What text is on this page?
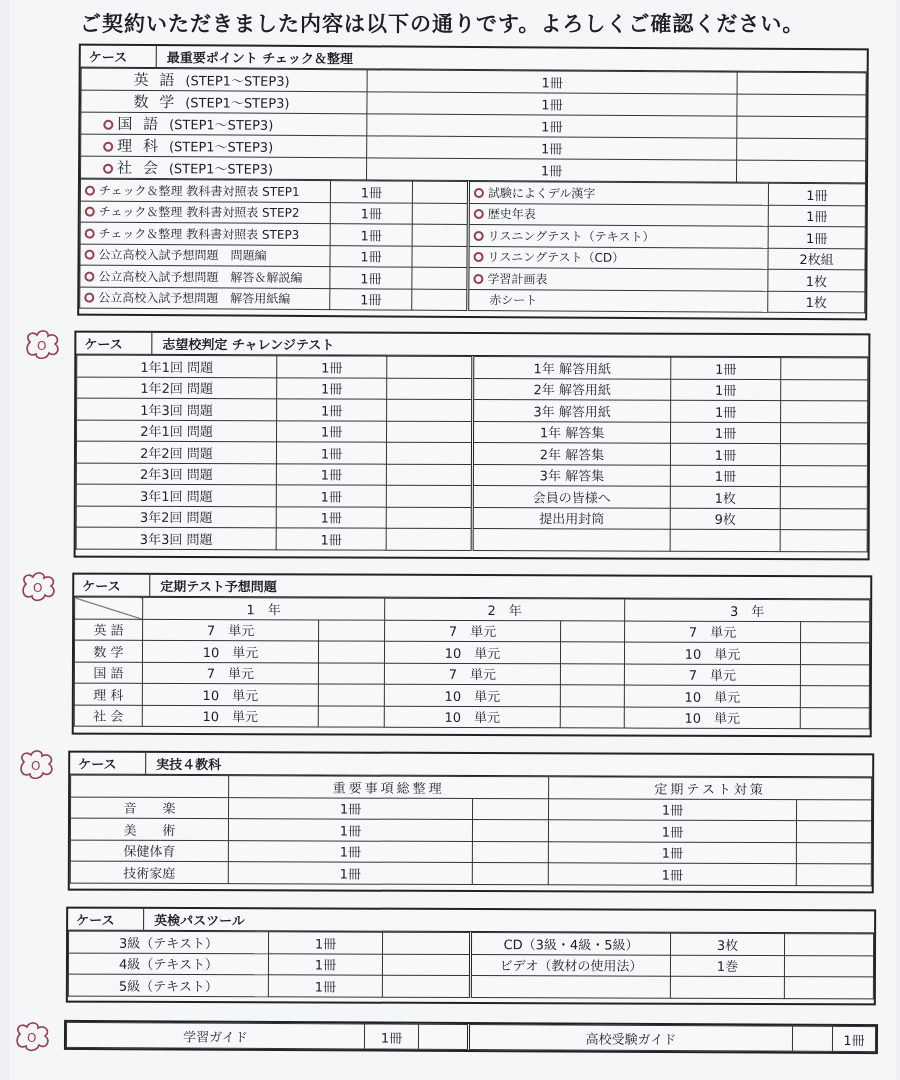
ご契約いただきました内容は以下の通りです。よろしくご確認ください。
ケース	最重要ポイント チェック＆整理
英 語 (STEP1～STEP3)	1冊	
数 学 (STEP1～STEP3)	1冊	
国 語 (STEP1～STEP3)	1冊	
理 科 (STEP1～STEP3)	1冊	
社 会 (STEP1～STEP3)	1冊	
チェック＆整理 教科書対照表 STEP1	1冊		試験によくデル漢字	1冊
チェック＆整理 教科書対照表 STEP2	1冊		歴史年表	1冊
チェック＆整理 教科書対照表 STEP3	1冊		リスニングテスト（テキスト）	1冊
公立高校入試予想問題　問題編	1冊		リスニングテスト（CD）	2枚組
公立高校入試予想問題　解答＆解説編	1冊		学習計画表	1枚
公立高校入試予想問題　解答用紙編	1冊		赤シート	1枚
ケース	志望校判定 チャレンジテスト
1年1回 問題	1冊		1年 解答用紙	1冊	
1年2回 問題	1冊		2年 解答用紙	1冊	
1年3回 問題	1冊		3年 解答用紙	1冊	
2年1回 問題	1冊		1年 解答集	1冊	
2年2回 問題	1冊		2年 解答集	1冊	
2年3回 問題	1冊		3年 解答集	1冊	
3年1回 問題	1冊		会員の皆様へ	1枚	
3年2回 問題	1冊		提出用封筒	9枚	
3年3回 問題	1冊				
ケース	定期テスト予想問題
	1　年		2　年		3　年	
英 語	7　単元		7　単元		7　単元	
数 学	10　単元		10　単元		10　単元	
国 語	7　単元		7　単元		7　単元	
理 科	10　単元		10　単元		10　単元	
社 会	10　単元		10　単元		10　単元	
ケース	実技４教科
	重要事項総整理		定期テスト対策	
音　　楽	1冊		1冊	
美　　術	1冊		1冊	
保健体育	1冊		1冊	
技術家庭	1冊		1冊	
ケース	英検パスツール
3級（テキスト）	1冊		CD（3級・4級・5級）	3枚	
4級（テキスト）	1冊		ビデオ（教材の使用法）	1巻	
5級（テキスト）	1冊				
学習ガイド	1冊		高校受験ガイド		1冊
O
O
O
O
